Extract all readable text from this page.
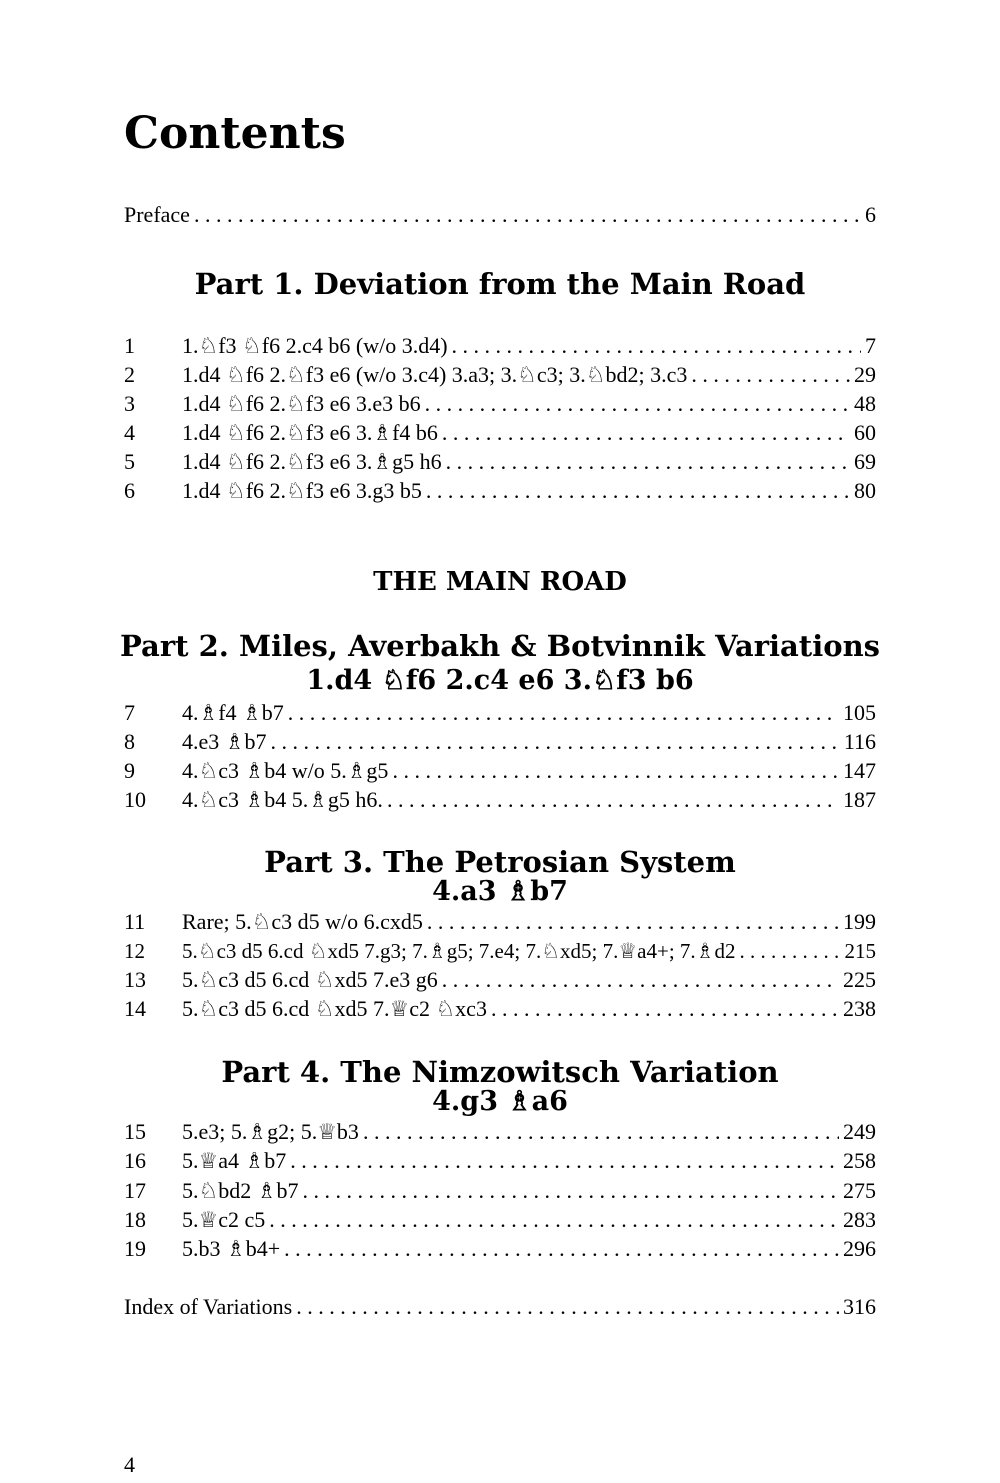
Contents
Preface . . .	6
Part 1. Deviation from the Main Road
1	1.♘f3 ♘f6 2.c4 b6 (w/o 3.d4) . . .	7
2	1.d4 ♘f6 2.♘f3 e6 (w/o 3.c4) 3.a3; 3.♘c3; 3.♘bd2; 3.c3 . . .	29
3	1.d4 ♘f6 2.♘f3 e6 3.e3 b6 . . .	48
4	1.d4 ♘f6 2.♘f3 e6 3.♗f4 b6 . . .	60
5	1.d4 ♘f6 2.♘f3 e6 3.♗g5 h6 . . .	69
6	1.d4 ♘f6 2.♘f3 e6 3.g3 b5 . . .	80
THE MAIN ROAD
Part 2. Miles, Averbakh & Botvinnik Variations
1.d4 ♘f6 2.c4 e6 3.♘f3 b6
7	4.♗f4 ♗b7 . . .	105
8	4.e3 ♗b7 . . .	116
9	4.♘c3 ♗b4 w/o 5.♗g5 . . .	147
10	4.♘c3 ♗b4 5.♗g5 h6. . . .	187
Part 3. The Petrosian System
4.a3 ♗b7
11	Rare; 5.♘c3 d5 w/o 6.cxd5 . . .	199
12	5.♘c3 d5 6.cd ♘xd5 7.g3; 7.♗g5; 7.e4; 7.♘xd5; 7.♕a4+; 7.♗d2 . . .	215
13	5.♘c3 d5 6.cd ♘xd5 7.e3 g6 . . .	225
14	5.♘c3 d5 6.cd ♘xd5 7.♕c2 ♘xc3 . . .	238
Part 4. The Nimzowitsch Variation
4.g3 ♗a6
15	5.e3; 5.♗g2; 5.♕b3 . . .	249
16	5.♕a4 ♗b7 . . .	258
17	5.♘bd2 ♗b7 . . .	275
18	5.♕c2 c5 . . .	283
19	5.b3 ♗b4+ . . .	296
Index of Variations . . .	316
4
